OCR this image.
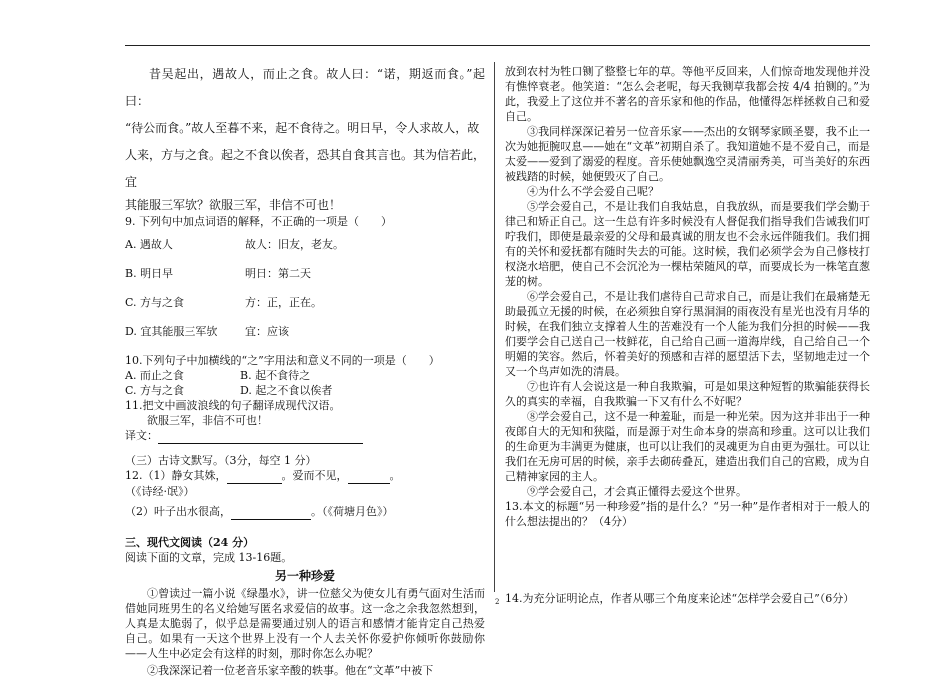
昔吴起出，遇故人，而止之食。故人曰：“诺，期返而食。”起曰：

“待公而食。”故人至暮不来，起不食待之。明日早，令人求故人，故

人来，方与之食。起之不食以俟者，恐其自食其言也。其为信若此，宜

其能服三军欤？欲服三军，非信不可也！

9. 下列句中加点词语的解释，不正确的一项是（　　）

A. 遇故人	故人：旧友，老友。

B. 明日早	明日：第二天

C. 方与之食	方：正，正在。

D. 宜其能服三军欤	宜：应该

10.下列句子中加横线的“之”字用法和意义不同的一项是（　　）

A. 而止之食	B. 起不食待之

C. 方与之食	D. 起之不食以俟者

11.把文中画波浪线的句子翻译成现代汉语。

欲服三军，非信不可也！

译文：

（三）古诗文默写。（3分，每空 1 分）

12.（1）静女其姝，	。爱而不见，	。

（《诗经·氓》）

（2）叶子出水很高，	。（《荷塘月色》）

三、现代文阅读（24 分）

阅读下面的文章，完成 13-16题。

另一种珍爱

①曾读过一篇小说《绿墨水》，讲一位慈父为使女儿有勇气面对生活而借她同班男生的名义给她写匿名求爱信的故事。这一念之余我忽然想到，人真是太脆弱了，似乎总是需要通过别人的语言和感情才能肯定自己热爱自己。如果有一天这个世界上没有一个人去关怀你爱护你倾听你鼓励你——人生中必定会有这样的时刻，那时你怎么办呢？

②我深深记着一位老音乐家辛酸的轶事。他在“文革”中被下

放到农村为牲口铡了整整七年的草。等他平反回来，人们惊奇地发现他并没有憔悴衰老。他笑道：“怎么会老呢，每天我铡草我都会按 4/4 拍铡的。”为此，我爱上了这位并不著名的音乐家和他的作品，他懂得怎样拯救自己和爱自己。

③我同样深深记着另一位音乐家——杰出的女钢琴家顾圣婴，我不止一次为她扼腕叹息——她在“文革”初期自杀了。我知道她不是不爱自己，而是太爱——爱到了溺爱的程度。音乐使她飘逸空灵清丽秀美，可当美好的东西被践踏的时候，她便毁灭了自己。

④为什么不学会爱自己呢？

⑤学会爱自己，不是让我们自我姑息，自我放纵，而是要我们学会勤于律己和矫正自己。这一生总有许多时候没有人督促我们指导我们告诫我们叮咛我们，即使是最亲爱的父母和最真诚的朋友也不会永远伴随我们。我们拥有的关怀和爱抚都有随时失去的可能。这时候，我们必须学会为自己修枝打杈浇水培肥，使自己不会沉沦为一棵枯荣随风的草，而要成长为一株笔直葱茏的树。

⑥学会爱自己，不是让我们虐待自己苛求自己，而是让我们在最痛楚无助最孤立无援的时候，在必须独自穿行黑洞洞的雨夜没有星光也没有月华的时候，在我们独立支撑着人生的苦难没有一个人能为我们分担的时候——我们要学会自己送自己一枝鲜花，自己给自己画一道海岸线，自己给自己一个明媚的笑容。然后，怀着美好的预感和吉祥的愿望活下去，坚韧地走过一个又一个鸟声如洗的清晨。

⑦也许有人会说这是一种自我欺骗，可是如果这种短暂的欺骗能获得长久的真实的幸福，自我欺骗一下又有什么不好呢？

⑧学会爱自己，这不是一种羞耻，而是一种光荣。因为这并非出于一种夜郎自大的无知和狭隘，而是源于对生命本身的崇高和珍重。这可以让我们的生命更为丰满更为健康，也可以让我们的灵魂更为自由更为强壮。可以让我们在无房可居的时候，亲手去砌砖叠瓦，建造出我们自己的宫殿，成为自己精神家园的主人。

⑨学会爱自己，才会真正懂得去爱这个世界。

13.本文的标题“另一种珍爱”指的是什么？“另一种”是作者相对于一般人的什么想法提出的？（4分）

14.为充分证明论点，作者从哪三个角度来论述“怎样学会爱自己”（6分）

2
